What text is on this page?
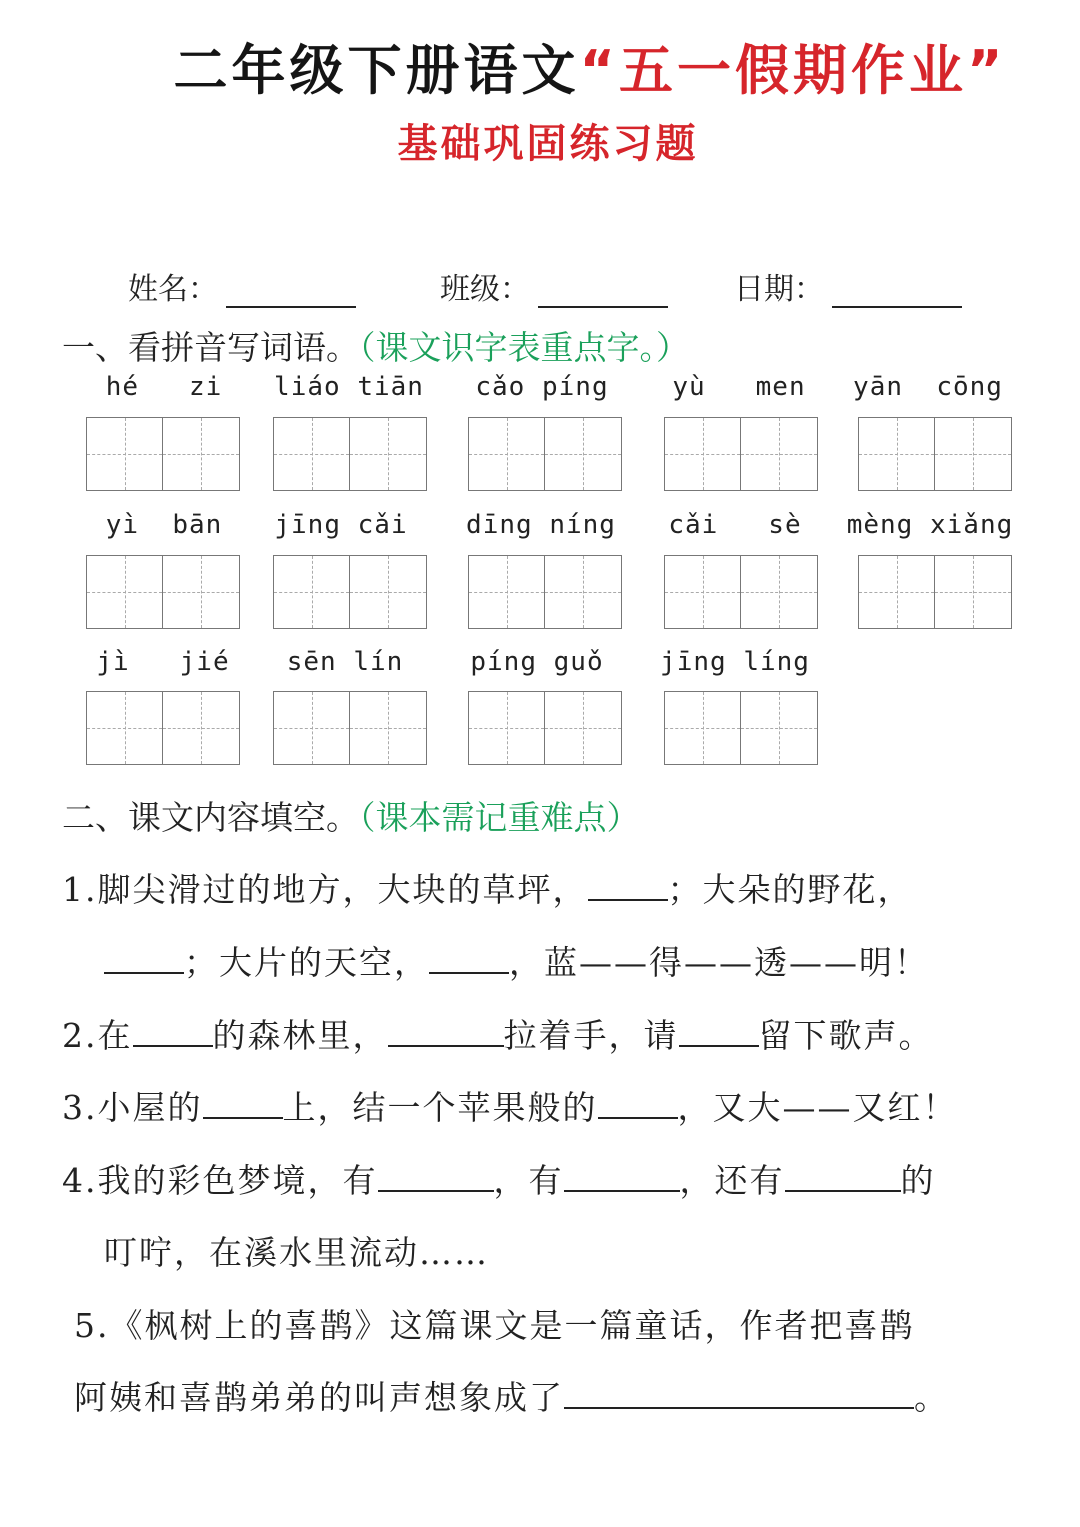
二年级下册语文“五一假期作业”
基础巩固练习题
姓名：	班级：	日期：
一、看拼音写词语。（课文识字表重点字。）
hé   zi	liáo tiān	cǎo píng	yù   men	yān  cōng
yì  bān	jīng cǎi	dīng níng	cǎi   sè	mèng xiǎng
jì   jié	sēn lín	píng guǒ	jīng líng
二、课文内容填空。（课本需记重难点）
1.脚尖滑过的地方，大块的草坪， ；大朵的野花，
；大片的天空， ，蓝——得——透——明！
2.在 的森林里，	拉着手，请 留下歌声。
3.小屋的 上，结一个苹果般的 ，又大——又红！
4.我的彩色梦境，有	，有	，还有	的
叮咛，在溪水里流动……
5.《枫树上的喜鹊》这篇课文是一篇童话，作者把喜鹊
阿姨和喜鹊弟弟的叫声想象成了	。
